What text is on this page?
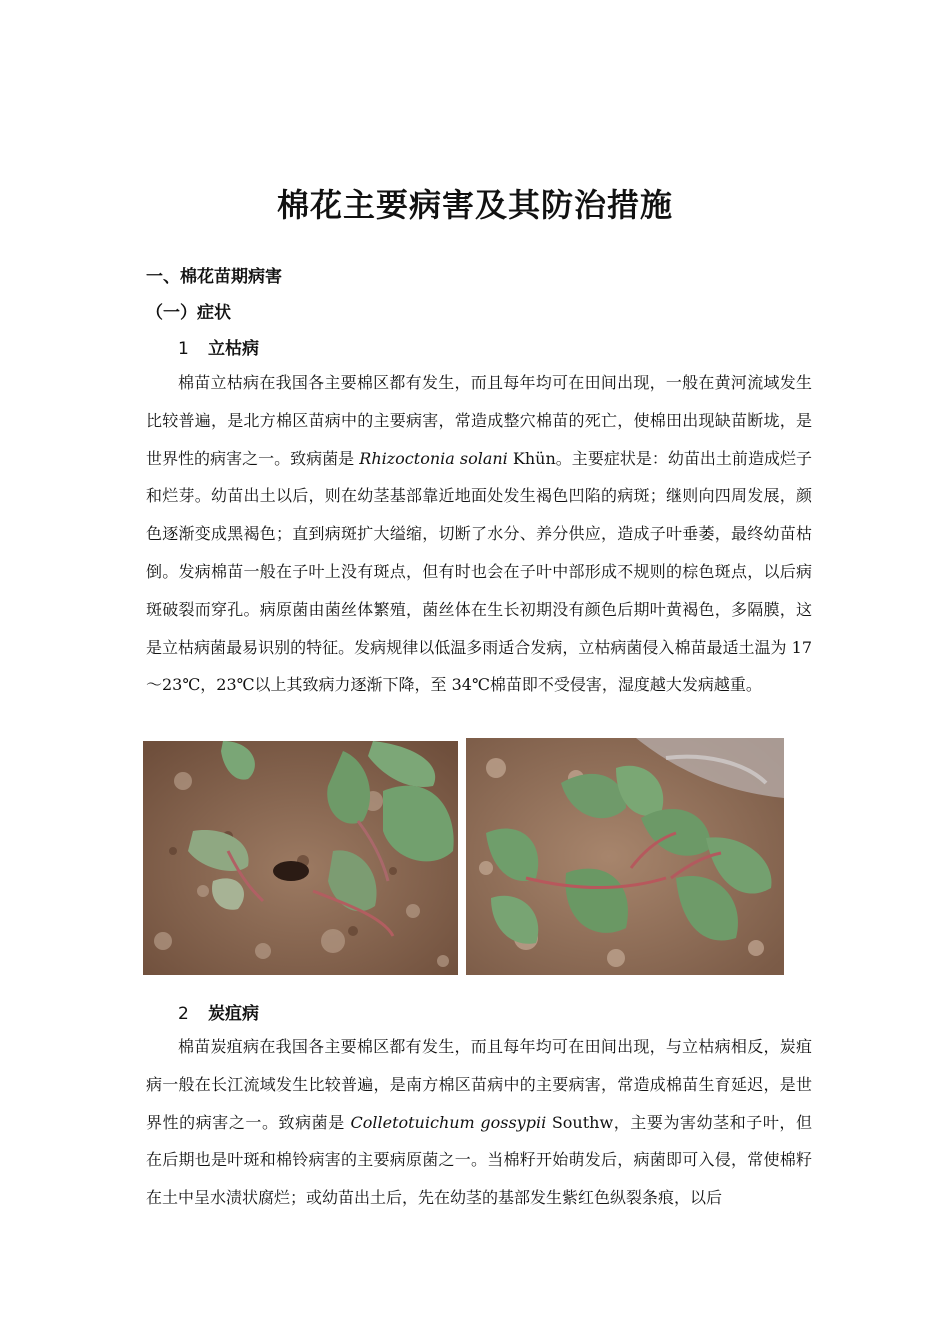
棉花主要病害及其防治措施
一、棉花苗期病害
（一）症状
1 立枯病

棉苗立枯病在我国各主要棉区都有发生，而且每年均可在田间出现，一般在黄河流域发生比较普遍，是北方棉区苗病中的主要病害，常造成整穴棉苗的死亡，使棉田出现缺苗断垅，是世界性的病害之一。致病菌是 Rhizoctonia solani Khün。主要症状是：幼苗出土前造成烂子和烂芽。幼苗出土以后，则在幼茎基部靠近地面处发生褐色凹陷的病斑；继则向四周发展，颜色逐渐变成黑褐色；直到病斑扩大缢缩，切断了水分、养分供应，造成子叶垂萎，最终幼苗枯倒。发病棉苗一般在子叶上没有斑点，但有时也会在子叶中部形成不规则的棕色斑点，以后病斑破裂而穿孔。病原菌由菌丝体繁殖，菌丝体在生长初期没有颜色后期叶黄褐色，多隔膜，这是立枯病菌最易识别的特征。发病规律以低温多雨适合发病，立枯病菌侵入棉苗最适土温为 17～23℃，23℃以上其致病力逐渐下降，至 34℃棉苗即不受侵害，湿度越大发病越重。

2 炭疽病

棉苗炭疽病在我国各主要棉区都有发生，而且每年均可在田间出现，与立枯病相反，炭疽病一般在长江流域发生比较普遍，是南方棉区苗病中的主要病害，常造成棉苗生育延迟，是世界性的病害之一。致病菌是 Colletotuichum gossypii Southw，主要为害幼茎和子叶，但在后期也是叶斑和棉铃病害的主要病原菌之一。当棉籽开始萌发后，病菌即可入侵，常使棉籽在土中呈水渍状腐烂；或幼苗出土后，先在幼茎的基部发生紫红色纵裂条痕，以后
